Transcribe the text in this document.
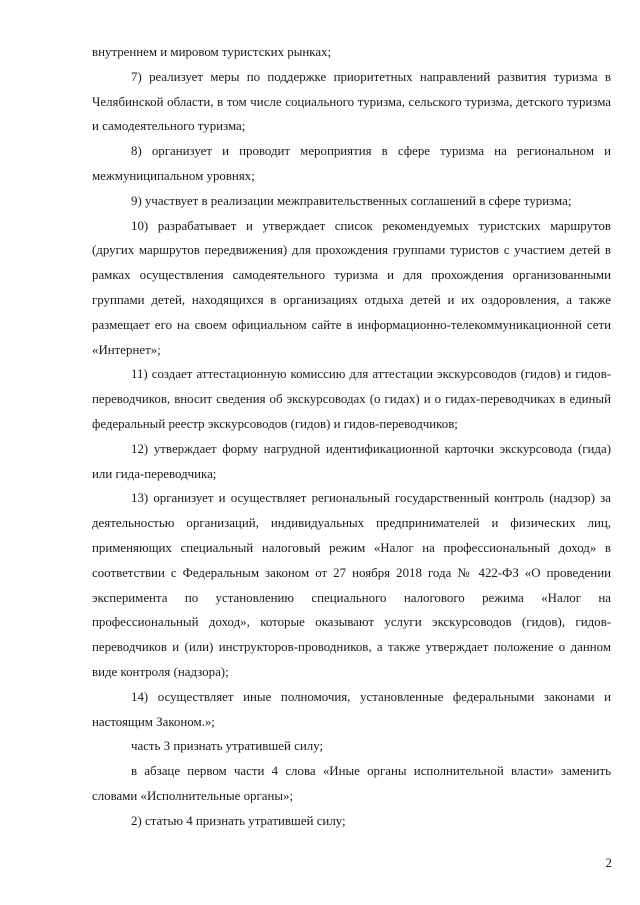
внутреннем и мировом туристских рынках;

7) реализует меры по поддержке приоритетных направлений развития туризма в Челябинской области, в том числе социального туризма, сельского туризма, детского туризма и самодеятельного туризма;

8) организует и проводит мероприятия в сфере туризма на региональном и межмуниципальном уровнях;

9) участвует в реализации межправительственных соглашений в сфере туризма;

10) разрабатывает и утверждает список рекомендуемых туристских маршрутов (других маршрутов передвижения) для прохождения группами туристов с участием детей в рамках осуществления самодеятельного туризма и для прохождения организованными группами детей, находящихся в организациях отдыха детей и их оздоровления, а также размещает его на своем официальном сайте в информационно-телекоммуникационной сети «Интернет»;

11) создает аттестационную комиссию для аттестации экскурсоводов (гидов) и гидов-переводчиков, вносит сведения об экскурсоводах (о гидах) и о гидах-переводчиках в единый федеральный реестр экскурсоводов (гидов) и гидов-переводчиков;

12) утверждает форму нагрудной идентификационной карточки экскурсовода (гида) или гида-переводчика;

13) организует и осуществляет региональный государственный контроль (надзор) за деятельностью организаций, индивидуальных предпринимателей и физических лиц, применяющих специальный налоговый режим «Налог на профессиональный доход» в соответствии с Федеральным законом от 27 ноября 2018 года № 422-ФЗ «О проведении эксперимента по установлению специального налогового режима «Налог на профессиональный доход», которые оказывают услуги экскурсоводов (гидов), гидов-переводчиков и (или) инструкторов-проводников, а также утверждает положение о данном виде контроля (надзора);

14) осуществляет иные полномочия, установленные федеральными законами и настоящим Законом.»;

часть 3 признать утратившей силу;

в абзаце первом части 4 слова «Иные органы исполнительной власти» заменить словами «Исполнительные органы»;

2) статью 4 признать утратившей силу;

2
